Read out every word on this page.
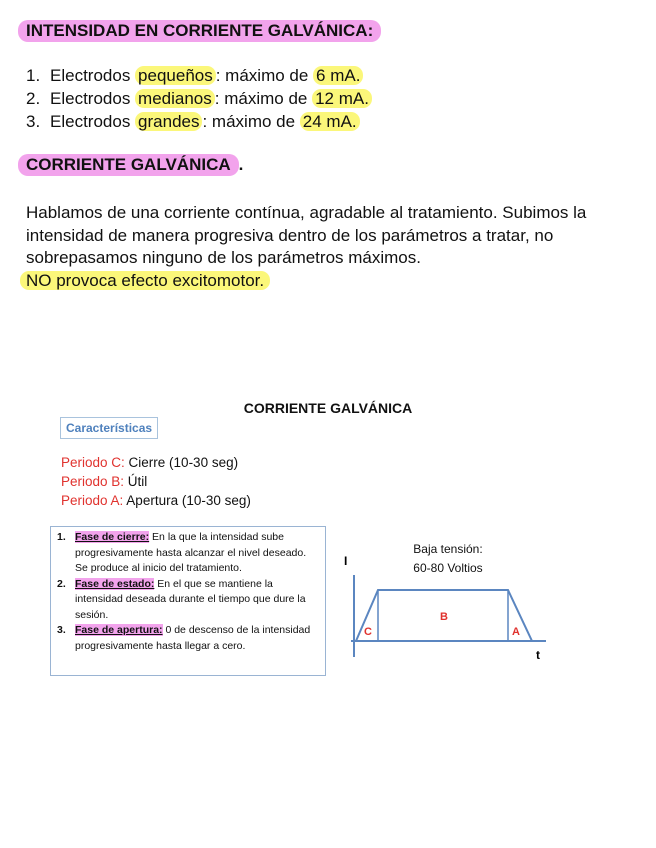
INTENSIDAD EN CORRIENTE GALVÁNICA:
1. Electrodos pequeños : máximo de 6 mA.
2. Electrodos medianos : máximo de 12 mA.
3. Electrodos grandes : máximo de 24 mA.
CORRIENTE GALVÁNICA .
Hablamos de una corriente contínua, agradable al tratamiento. Subimos la intensidad de manera progresiva dentro de los parámetros a tratar, no sobrepasamos ninguno de los parámetros máximos.
NO provoca efecto excitomotor.
CORRIENTE GALVÁNICA
Características
Periodo C: Cierre (10-30 seg)
Periodo B: Útil
Periodo A: Apertura (10-30 seg)
1. Fase de cierre: En la que la intensidad sube progresivamente hasta alcanzar el nivel deseado. Se produce al inicio del tratamiento.
2. Fase de estado: En el que se mantiene la intensidad deseada durante el tiempo que dure la sesión.
3. Fase de apertura: 0 de descenso de la intensidad progresivamente hasta llegar a cero.
Baja tensión:
60-80 Voltios
I
C
B
A
t
